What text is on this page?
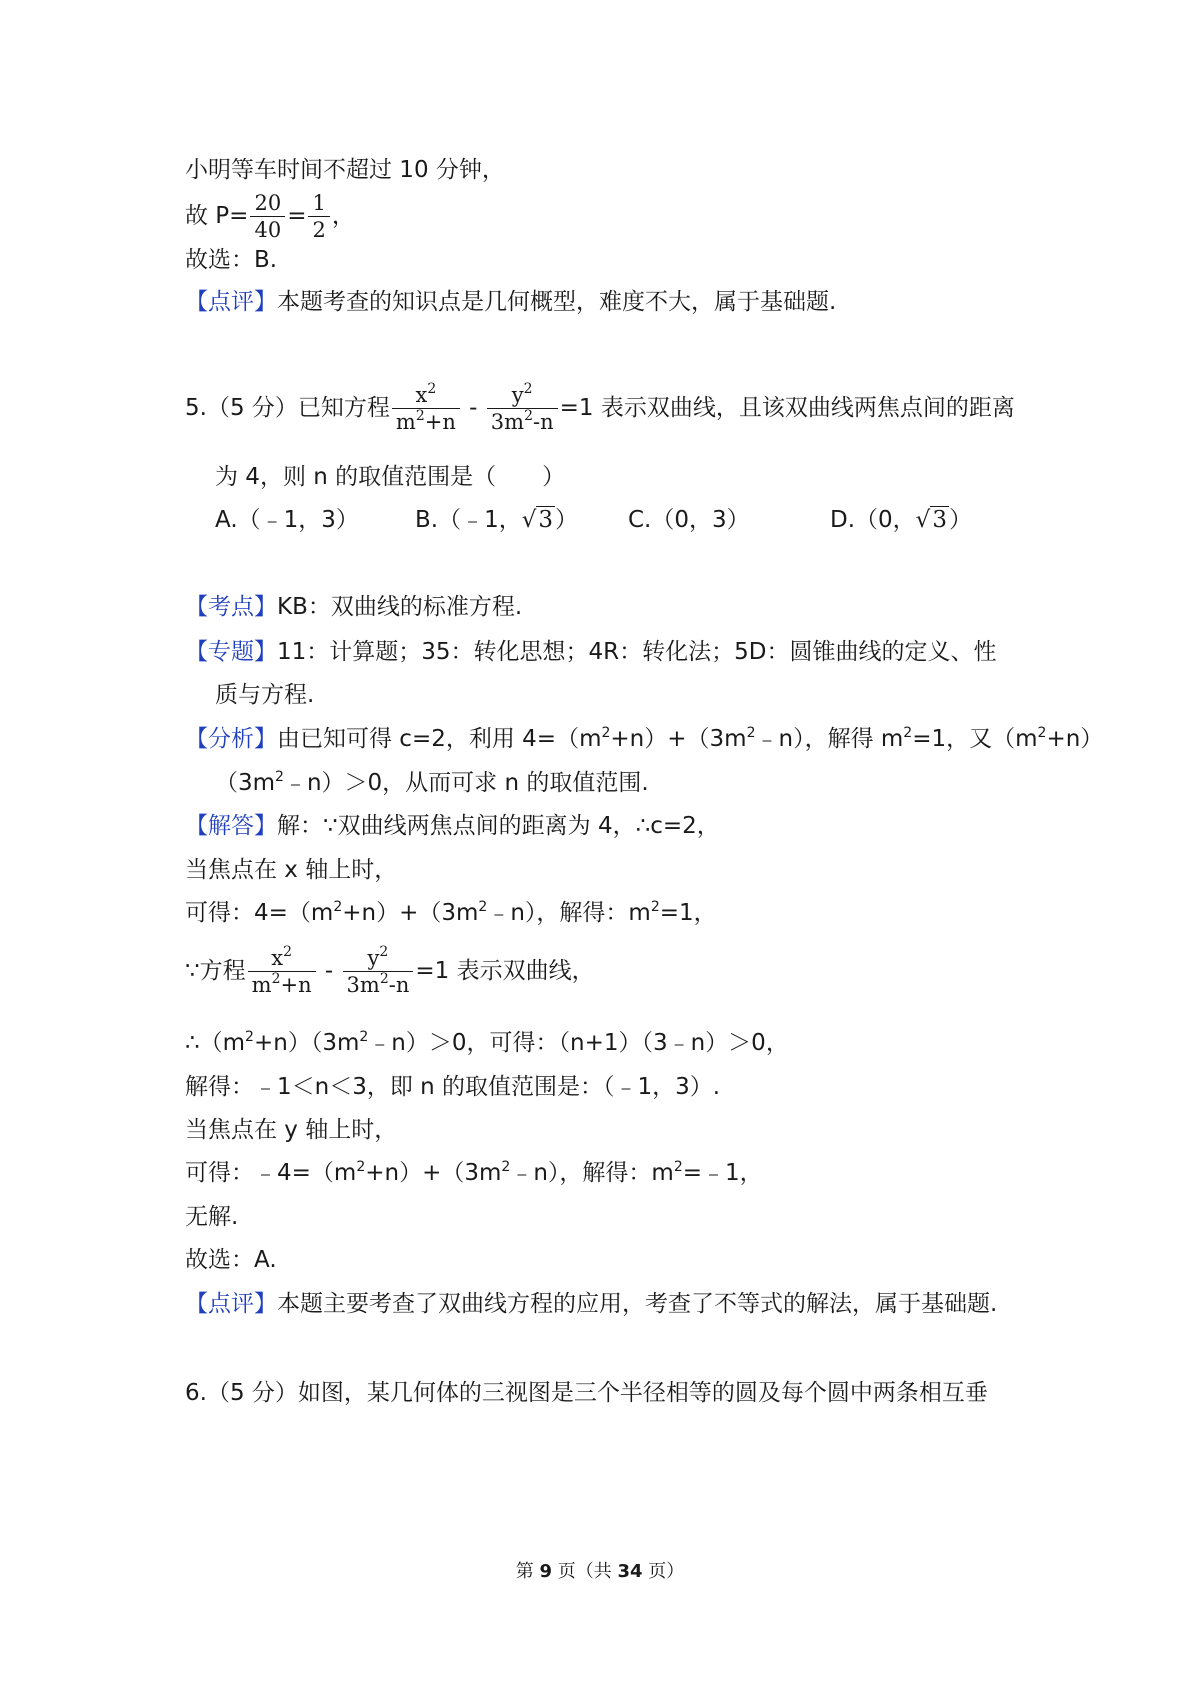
小明等车时间不超过 10 分钟，
故 $P= \frac{20}{40} = \frac{1}{2}$ ，
故选：B.
【点评】本题考查的知识点是几何概型，难度不大，属于基础题.
5.（5 分）已知方程 $\frac{x^2}{m^2+n} - \frac{y^2}{3m^2-n} =1$ 表示双曲线，且该双曲线两焦点间的距离
为 4，则 n 的取值范围是（　　）
A.（﹣1，3） B.（﹣1，√3） C.（0，3）	D.（0，√3）
【考点】KB：双曲线的标准方程.
【专题】11：计算题；35：转化思想；4R：转化法；5D：圆锥曲线的定义、性
质与方程.
【分析】由已知可得 c=2，利用 $4=(m^2+n)+(3m^2﹣n)$，解得 $m^2=1$，又$(m^2+n)$
$(3m^2﹣n)>0$，从而可求 n 的取值范围.
【解答】解：∵双曲线两焦点间的距离为 4，∴c=2，
当焦点在 x 轴上时，
可得：$4=(m^2+n)+(3m^2﹣n)$，解得：$m^2=1$，
∵方程 $\frac{x^2}{m^2+n} - \frac{y^2}{3m^2-n} =1$ 表示双曲线，
$\therefore(m^2+n)(3m^2﹣n)>0$，可得：（n+1）（3﹣n）＞0，
解得：﹣1＜n＜3，即 n 的取值范围是：（﹣1，3）.
当焦点在 y 轴上时，
可得：$﹣4=(m^2+n)+(3m^2﹣n)$，解得：$m^2=﹣1$，
无解.
故选：A.
【点评】本题主要考查了双曲线方程的应用，考查了不等式的解法，属于基础题.
6.（5 分）如图，某几何体的三视图是三个半径相等的圆及每个圆中两条相互垂
第 9 页（共 34 页）
